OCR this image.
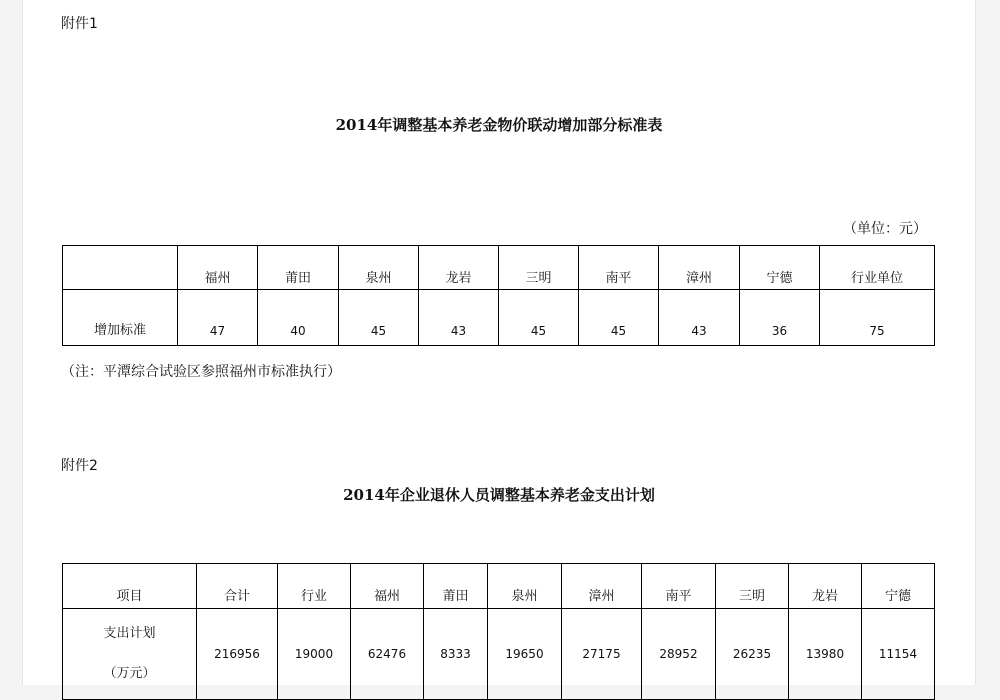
附件1
2014年调整基本养老金物价联动增加部分标准表
（单位：元）
	福州	莆田	泉州	龙岩	三明	南平	漳州	宁德	行业单位
增加标准	47	40	45	43	45	45	43	36	75
（注：平潭综合试验区参照福州市标准执行）
附件2
2014年企业退休人员调整基本养老金支出计划
项目	合计	行业	福州	莆田	泉州	漳州	南平	三明	龙岩	宁德

支出计划
（万元）	216956	19000	62476	8333	19650	27175	28952	26235	13980	11154
